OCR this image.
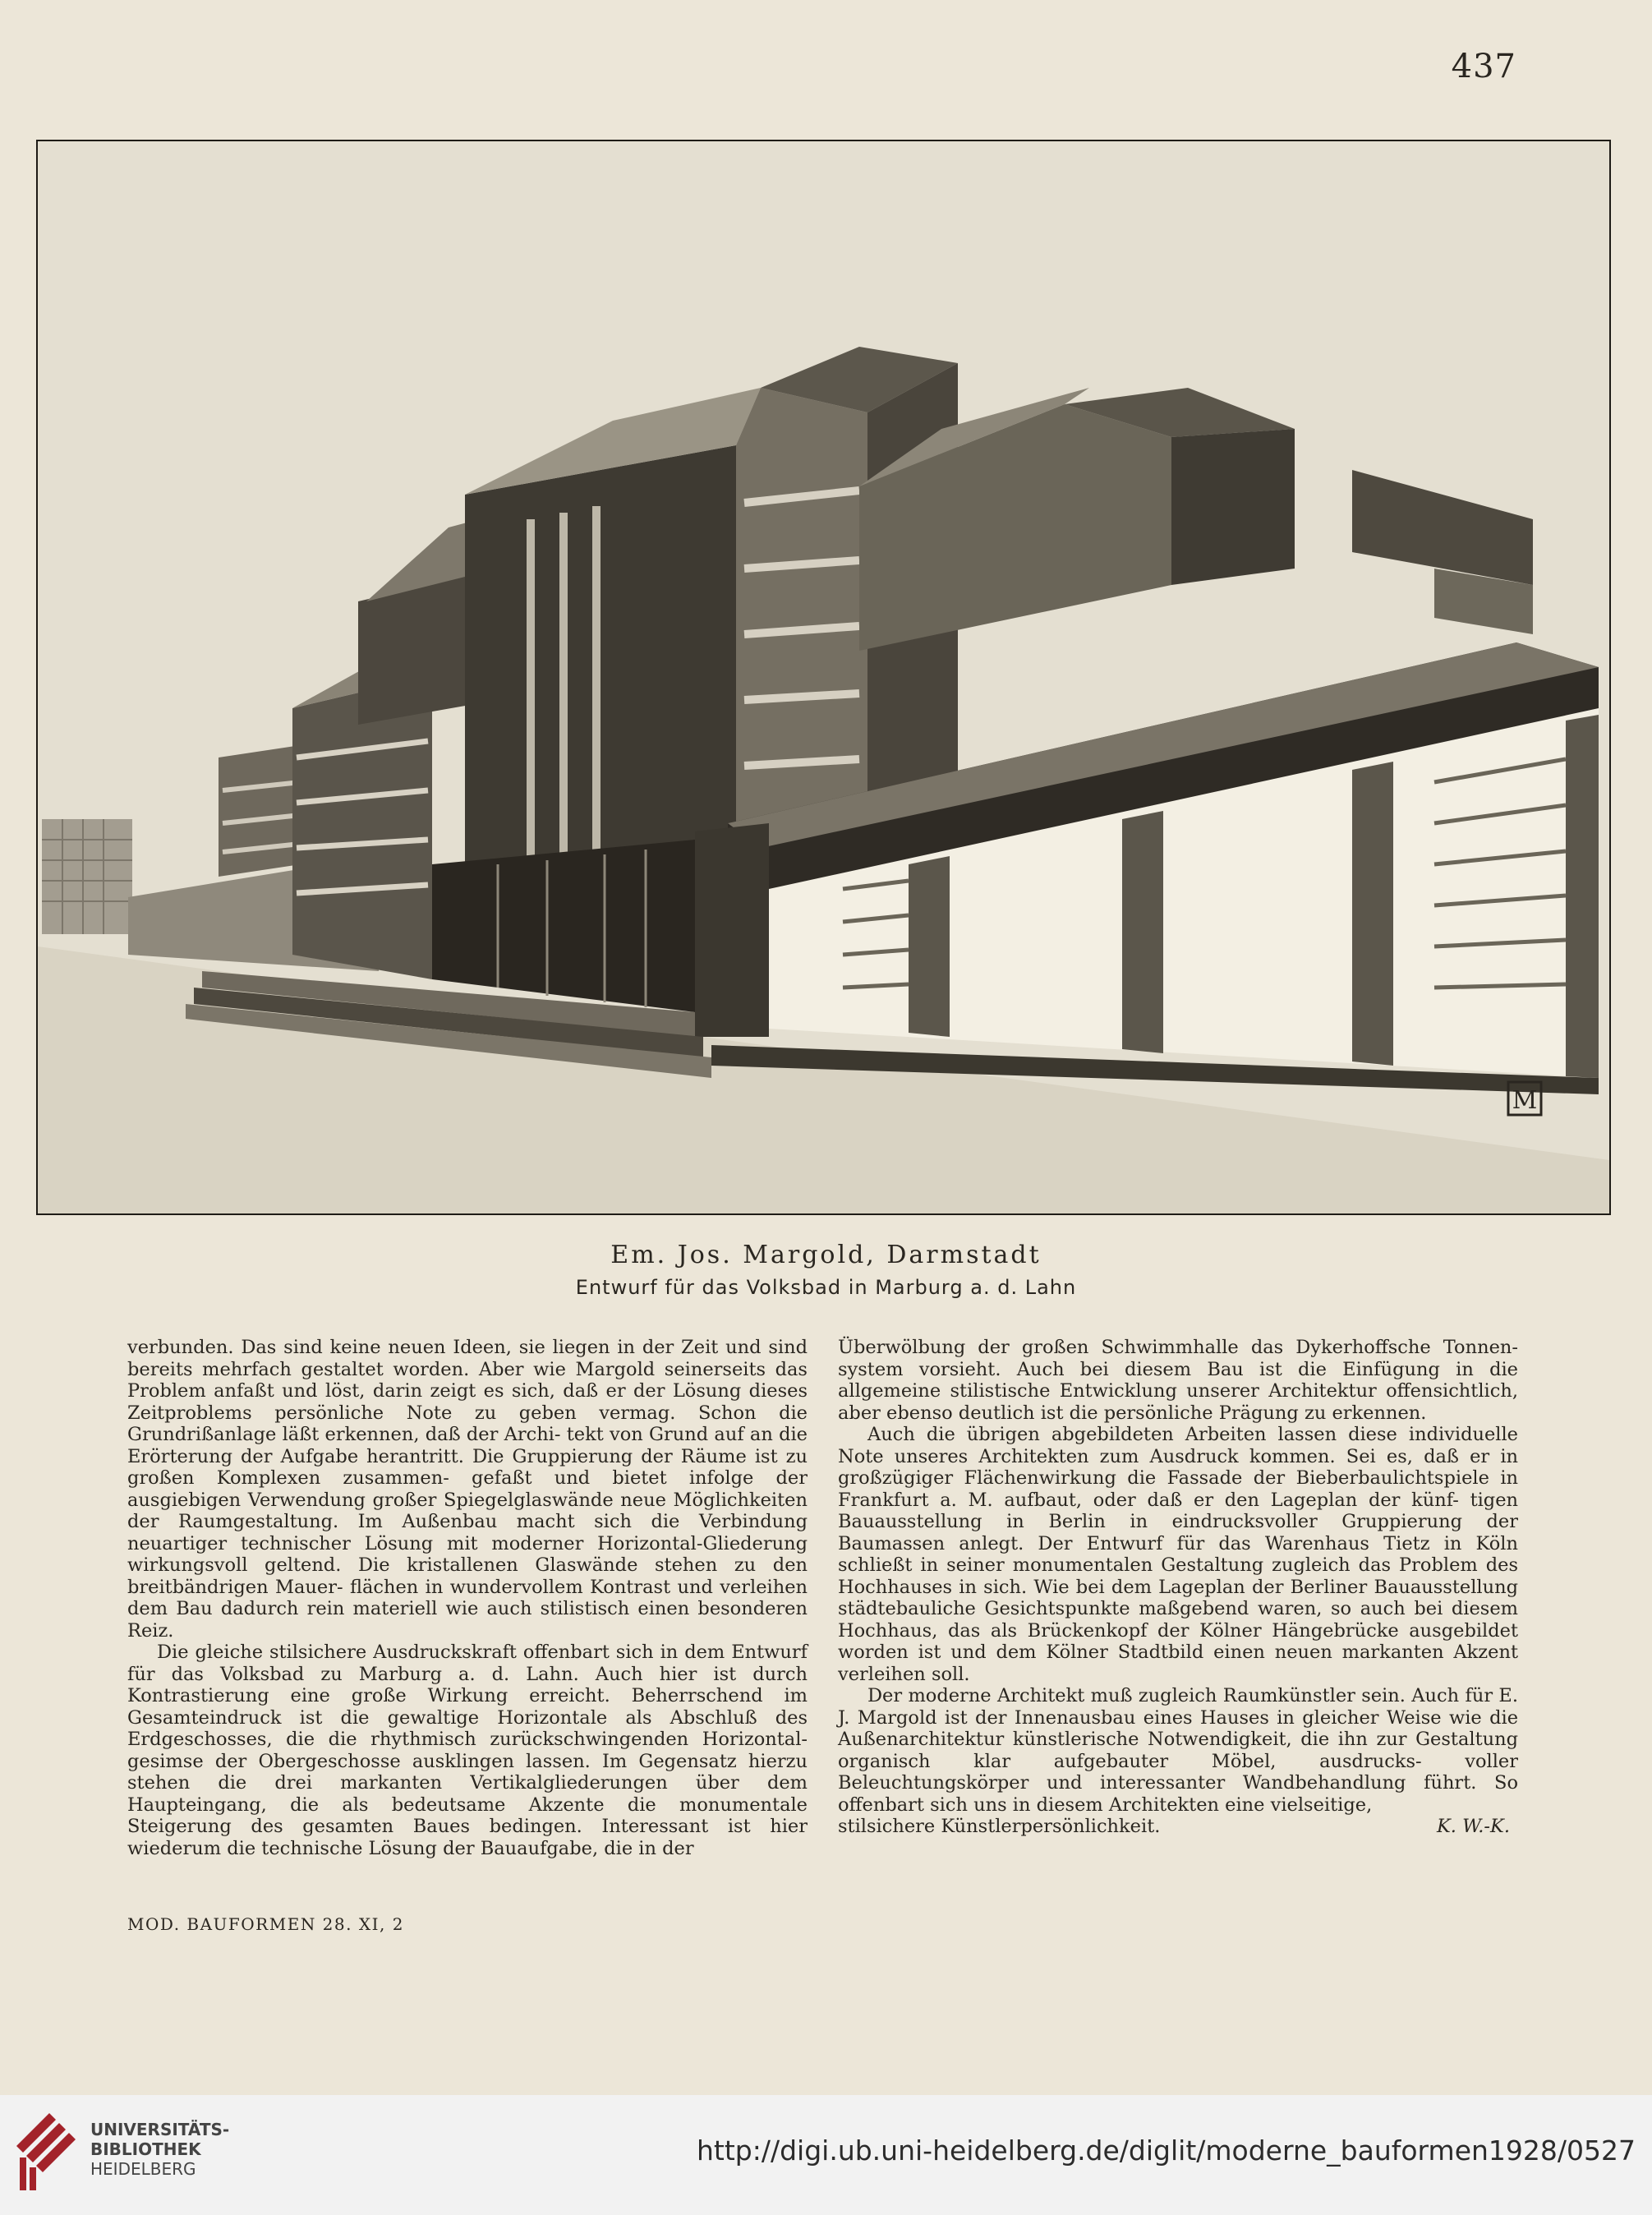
437
M
Em. Jos. Margold, Darmstadt
Entwurf für das Volksbad in Marburg a. d. Lahn

verbunden. Das sind keine neuen Ideen, sie liegen in der Zeit und sind bereits mehrfach gestaltet worden. Aber wie Margold seinerseits das Problem anfaßt und löst, darin zeigt es sich, daß er der Lösung dieses Zeitproblems persönliche Note zu geben vermag. Schon die Grundrißanlage läßt erkennen, daß der Archi- tekt von Grund auf an die Erörterung der Aufgabe herantritt. Die Gruppierung der Räume ist zu großen Komplexen zusammen- gefaßt und bietet infolge der ausgiebigen Verwendung großer Spiegelglaswände neue Möglichkeiten der Raumgestaltung. Im Außenbau macht sich die Verbindung neuartiger technischer Lösung mit moderner Horizontal-Gliederung wirkungsvoll geltend. Die kristallenen Glaswände stehen zu den breitbändrigen Mauer- flächen in wundervollem Kontrast und verleihen dem Bau dadurch rein materiell wie auch stilistisch einen besonderen Reiz.

Die gleiche stilsichere Ausdruckskraft offenbart sich in dem Entwurf für das Volksbad zu Marburg a. d. Lahn. Auch hier ist durch Kontrastierung eine große Wirkung erreicht. Beherrschend im Gesamteindruck ist die gewaltige Horizontale als Abschluß des Erdgeschosses, die die rhythmisch zurückschwingenden Horizontal- gesimse der Obergeschosse ausklingen lassen. Im Gegensatz hierzu stehen die drei markanten Vertikalgliederungen über dem Haupteingang, die als bedeutsame Akzente die monumentale Steigerung des gesamten Baues bedingen. Interessant ist hier wiederum die technische Lösung der Bauaufgabe, die in der

Überwölbung der großen Schwimmhalle das Dykerhoffsche Tonnen- system vorsieht. Auch bei diesem Bau ist die Einfügung in die allgemeine stilistische Entwicklung unserer Architektur offensichtlich, aber ebenso deutlich ist die persönliche Prägung zu erkennen.

Auch die übrigen abgebildeten Arbeiten lassen diese individuelle Note unseres Architekten zum Ausdruck kommen. Sei es, daß er in großzügiger Flächenwirkung die Fassade der Bieberbaulichtspiele in Frankfurt a. M. aufbaut, oder daß er den Lageplan der künf- tigen Bauausstellung in Berlin in eindrucksvoller Gruppierung der Baumassen anlegt. Der Entwurf für das Warenhaus Tietz in Köln schließt in seiner monumentalen Gestaltung zugleich das Problem des Hochhauses in sich. Wie bei dem Lageplan der Berliner Bauausstellung städtebauliche Gesichtspunkte maßgebend waren, so auch bei diesem Hochhaus, das als Brückenkopf der Kölner Hängebrücke ausgebildet worden ist und dem Kölner Stadtbild einen neuen markanten Akzent verleihen soll.

Der moderne Architekt muß zugleich Raumkünstler sein. Auch für E. J. Margold ist der Innenausbau eines Hauses in gleicher Weise wie die Außenarchitektur künstlerische Notwendigkeit, die ihn zur Gestaltung organisch klar aufgebauter Möbel, ausdrucks- voller Beleuchtungskörper und interessanter Wandbehandlung führt. So offenbart sich uns in diesem Architekten eine vielseitige,

stilsichere Künstlerpersönlichkeit.	K. W.-K.
MOD. BAUFORMEN 28. XI, 2
UNIVERSITÄTS-
BIBLIOTHEK
HEIDELBERG
http://digi.ub.uni-heidelberg.de/diglit/moderne_bauformen1928/0527
